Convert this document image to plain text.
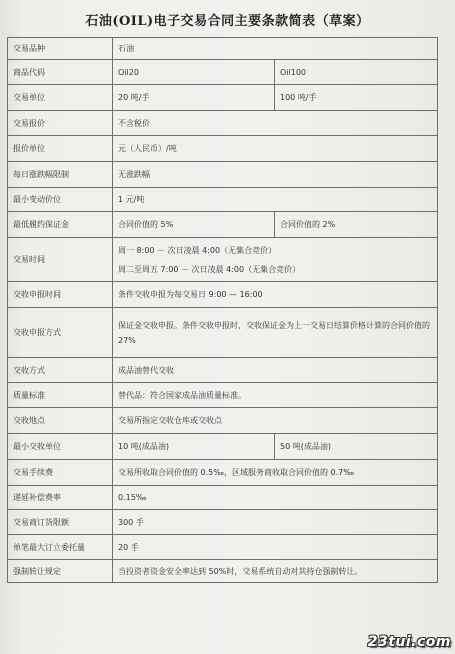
石油(OIL)电子交易合同主要条款简表（草案）
交易品种	石油	
商品代码	Oil20	Oil100
交易单位	20 吨/手	100 吨/手
交易报价	不含税价	
报价单位	元（人民币）/吨	
每日涨跌幅限制	无涨跌幅	
最小变动价位	1 元/吨	
最低履约保证金	合同价值的 5%	合同价值的 2%
交易时间	周一 8:00 － 次日凌晨 4:00（无集合竞价）
周二至周五 7:00 － 次日凌晨 4:00（无集合竞价）	

交收申报时间	条件交收申报为每交易日 9:00 — 16:00	
交收申报方式	保证金交收申报。条件交收申报时，交收保证金为上一交易日结算价格计算的合同价值的 27%	

交收方式	成品油替代交收	
质量标准	替代品：符合国家成品油质量标准。	
交收地点	交易所指定交收仓库或交收点	
最小交收单位	10 吨(成品油)	50 吨(成品油)
交易手续费	交易所收取合同价值的 0.5‰，区域服务商收取合同价值的 0.7‰	
递延补偿费率	0.15‰	
交易商订货限额	300 手	
单笔最大订立委托量	20 手	
强制转让规定	当投资者资金安全率达到 50%时，交易系统自动对其持仓强制转让。	
23tui.com
